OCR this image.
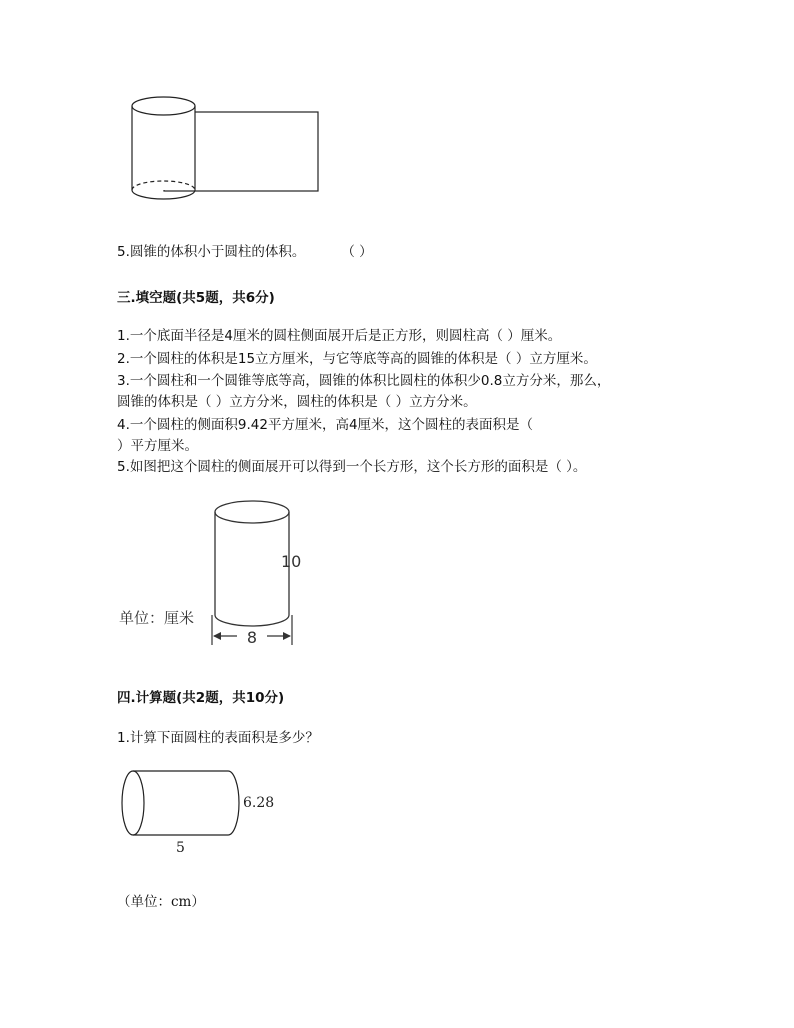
5.圆锥的体积小于圆柱的体积。	（ ）
三.填空题(共5题，共6分)
1.一个底面半径是4厘米的圆柱侧面展开后是正方形，则圆柱高（ ）厘米。
2.一个圆柱的体积是15立方厘米，与它等底等高的圆锥的体积是（ ）立方厘米。
3.一个圆柱和一个圆锥等底等高，圆锥的体积比圆柱的体积少0.8立方分米，那么，
圆锥的体积是（ ）立方分米，圆柱的体积是（ ）立方分米。
4.一个圆柱的侧面积9.42平方厘米，高4厘米，这个圆柱的表面积是（
）平方厘米。
5.如图把这个圆柱的侧面展开可以得到一个长方形，这个长方形的面积是（ ）。
8
10
单位：厘米
四.计算题(共2题，共10分)
1.计算下面圆柱的表面积是多少？
6.28
5
（单位：cm）
